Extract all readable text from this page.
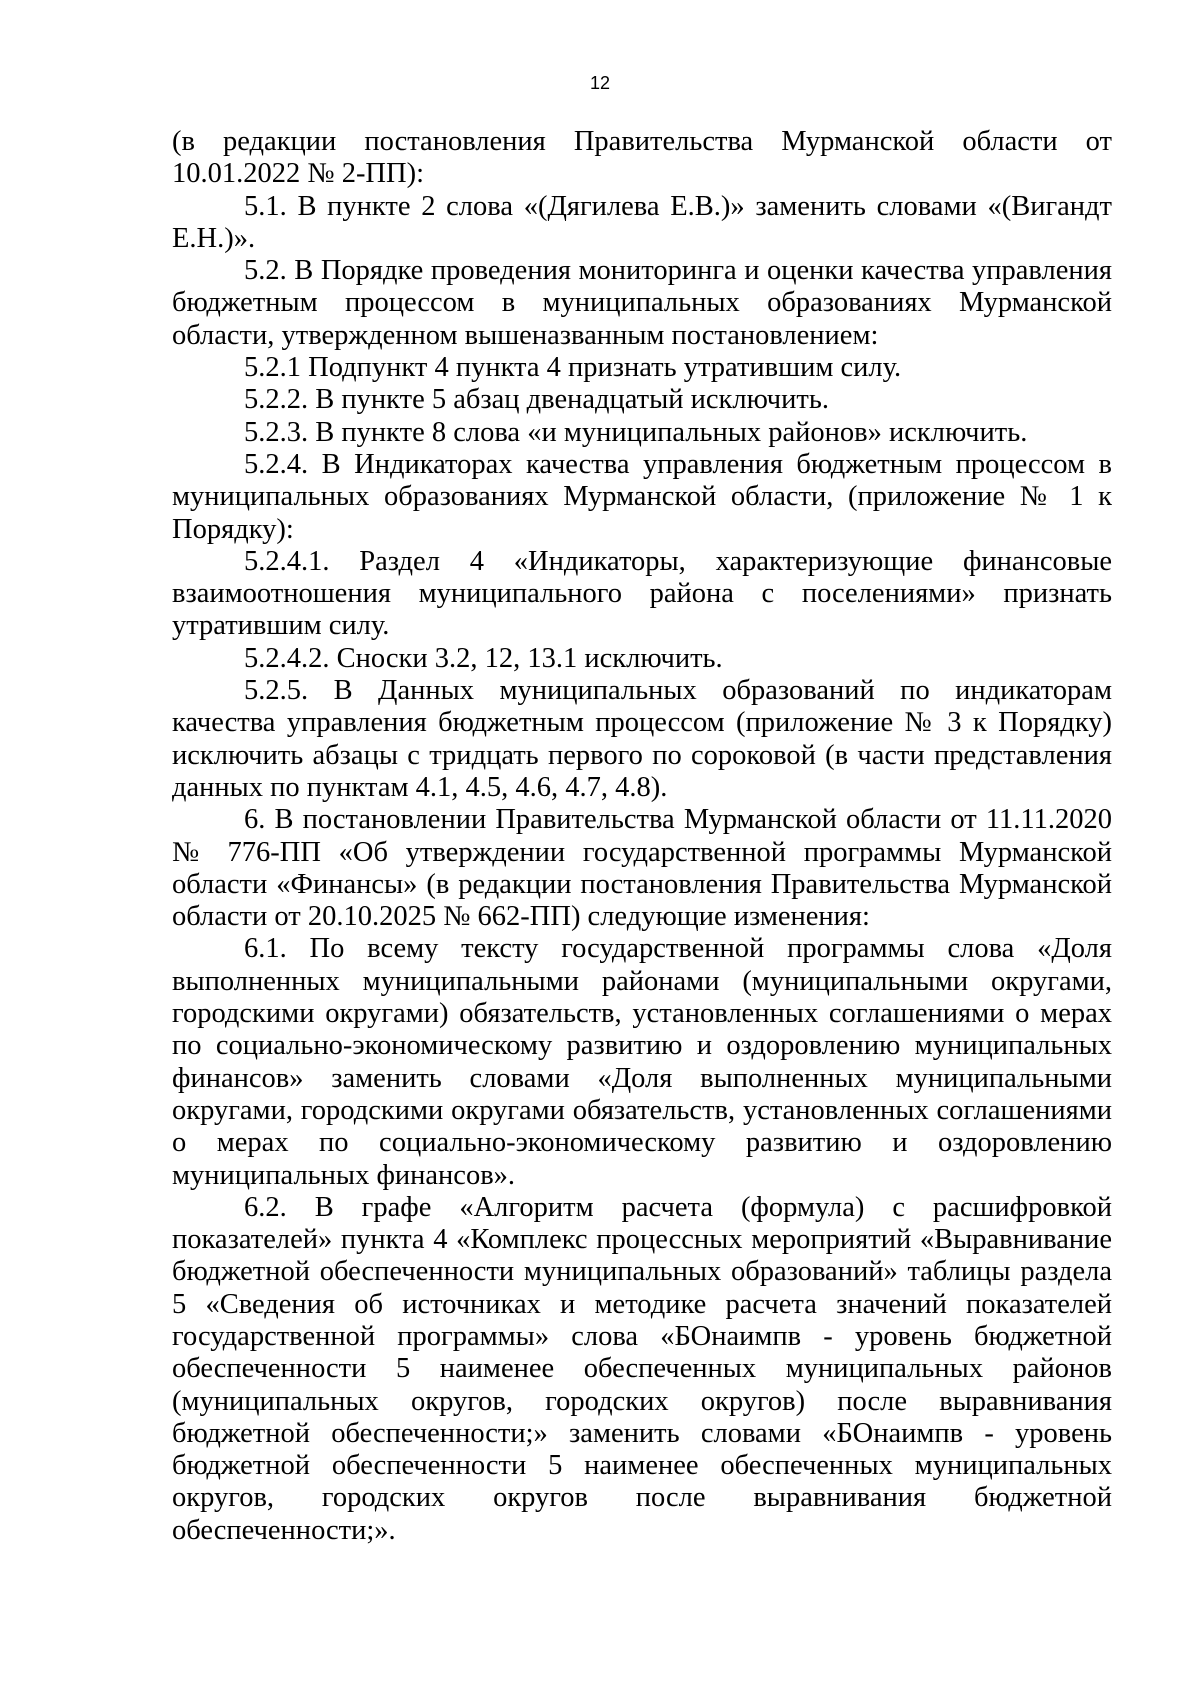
12

(в редакции постановления Правительства Мурманской области от 10.01.2022 № 2-ПП):

5.1. В пункте 2 слова «(Дягилева Е.В.)» заменить словами «(Вигандт Е.Н.)».

5.2. В Порядке проведения мониторинга и оценки качества управления бюджетным процессом в муниципальных образованиях Мурманской области, утвержденном вышеназванным постановлением:

5.2.1 Подпункт 4 пункта 4 признать утратившим силу.

5.2.2. В пункте 5 абзац двенадцатый исключить.

5.2.3. В пункте 8 слова «и муниципальных районов» исключить.

5.2.4. В Индикаторах качества управления бюджетным процессом в муниципальных образованиях Мурманской области, (приложение № 1 к Порядку):

5.2.4.1. Раздел 4 «Индикаторы, характеризующие финансовые взаимоотношения муниципального района с поселениями» признать утратившим силу.

5.2.4.2. Сноски 3.2, 12, 13.1 исключить.

5.2.5. В Данных муниципальных образований по индикаторам качества управления бюджетным процессом (приложение № 3 к Порядку) исключить абзацы с тридцать первого по сороковой (в части представления данных по пунктам 4.1, 4.5, 4.6, 4.7, 4.8).

6. В постановлении Правительства Мурманской области от 11.11.2020 № 776-ПП «Об утверждении государственной программы Мурманской области «Финансы» (в редакции постановления Правительства Мурманской области от 20.10.2025 № 662-ПП) следующие изменения:

6.1. По всему тексту государственной программы слова «Доля выполненных муниципальными районами (муниципальными округами, городскими округами) обязательств, установленных соглашениями о мерах по социально-экономическому развитию и оздоровлению муниципальных финансов» заменить словами «Доля выполненных муниципальными округами, городскими округами обязательств, установленных соглашениями о мерах по социально-экономическому развитию и оздоровлению муниципальных финансов».

6.2. В графе «Алгоритм расчета (формула) с расшифровкой показателей» пункта 4 «Комплекс процессных мероприятий «Выравнивание бюджетной обеспеченности муниципальных образований» таблицы раздела 5 «Сведения об источниках и методике расчета значений показателей государственной программы» слова «БОнаимпв - уровень бюджетной обеспеченности 5 наименее обеспеченных муниципальных районов (муниципальных округов, городских округов) после выравнивания бюджетной обеспеченности;» заменить словами «БОнаимпв - уровень бюджетной обеспеченности 5 наименее обеспеченных муниципальных округов, городских округов после выравнивания бюджетной обеспеченности;».
